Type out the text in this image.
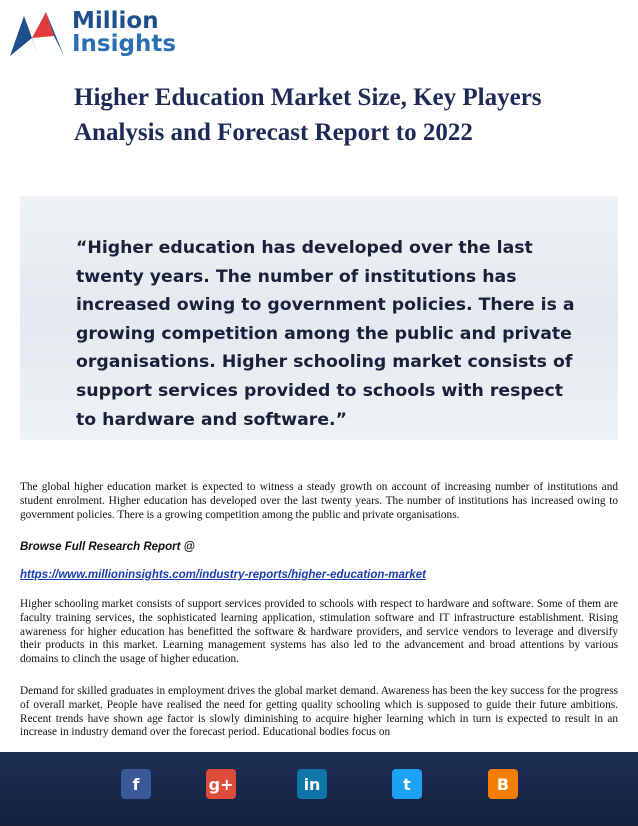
Million
Insights
Higher Education Market Size, Key Players Analysis and Forecast Report to 2022
“Higher education has developed over the last twenty years. The number of institutions has increased owing to government policies. There is a growing competition among the public and private organisations. Higher schooling market consists of support services provided to schools with respect to hardware and software.”
The global higher education market is expected to witness a steady growth on account of increasing number of institutions and student enrolment. Higher education has developed over the last twenty years. The number of institutions has increased owing to government policies. There is a growing competition among the public and private organisations.
Browse Full Research Report @
https://www.millioninsights.com/industry-reports/higher-education-market
Higher schooling market consists of support services provided to schools with respect to hardware and software. Some of them are faculty training services, the sophisticated learning application, stimulation software and IT infrastructure establishment. Rising awareness for higher education has benefitted the software & hardware providers, and service vendors to leverage and diversify their products in this market. Learning management systems has also led to the advancement and broad attentions by various domains to clinch the usage of higher education.
Demand for skilled graduates in employment drives the global market demand. Awareness has been the key success for the progress of overall market. People have realised the need for getting quality schooling which is supposed to guide their future ambitions. Recent trends have shown age factor is slowly diminishing to acquire higher learning which in turn is expected to result in an increase in industry demand over the forecast period. Educational bodies focus on
f	g+	in	t	B
